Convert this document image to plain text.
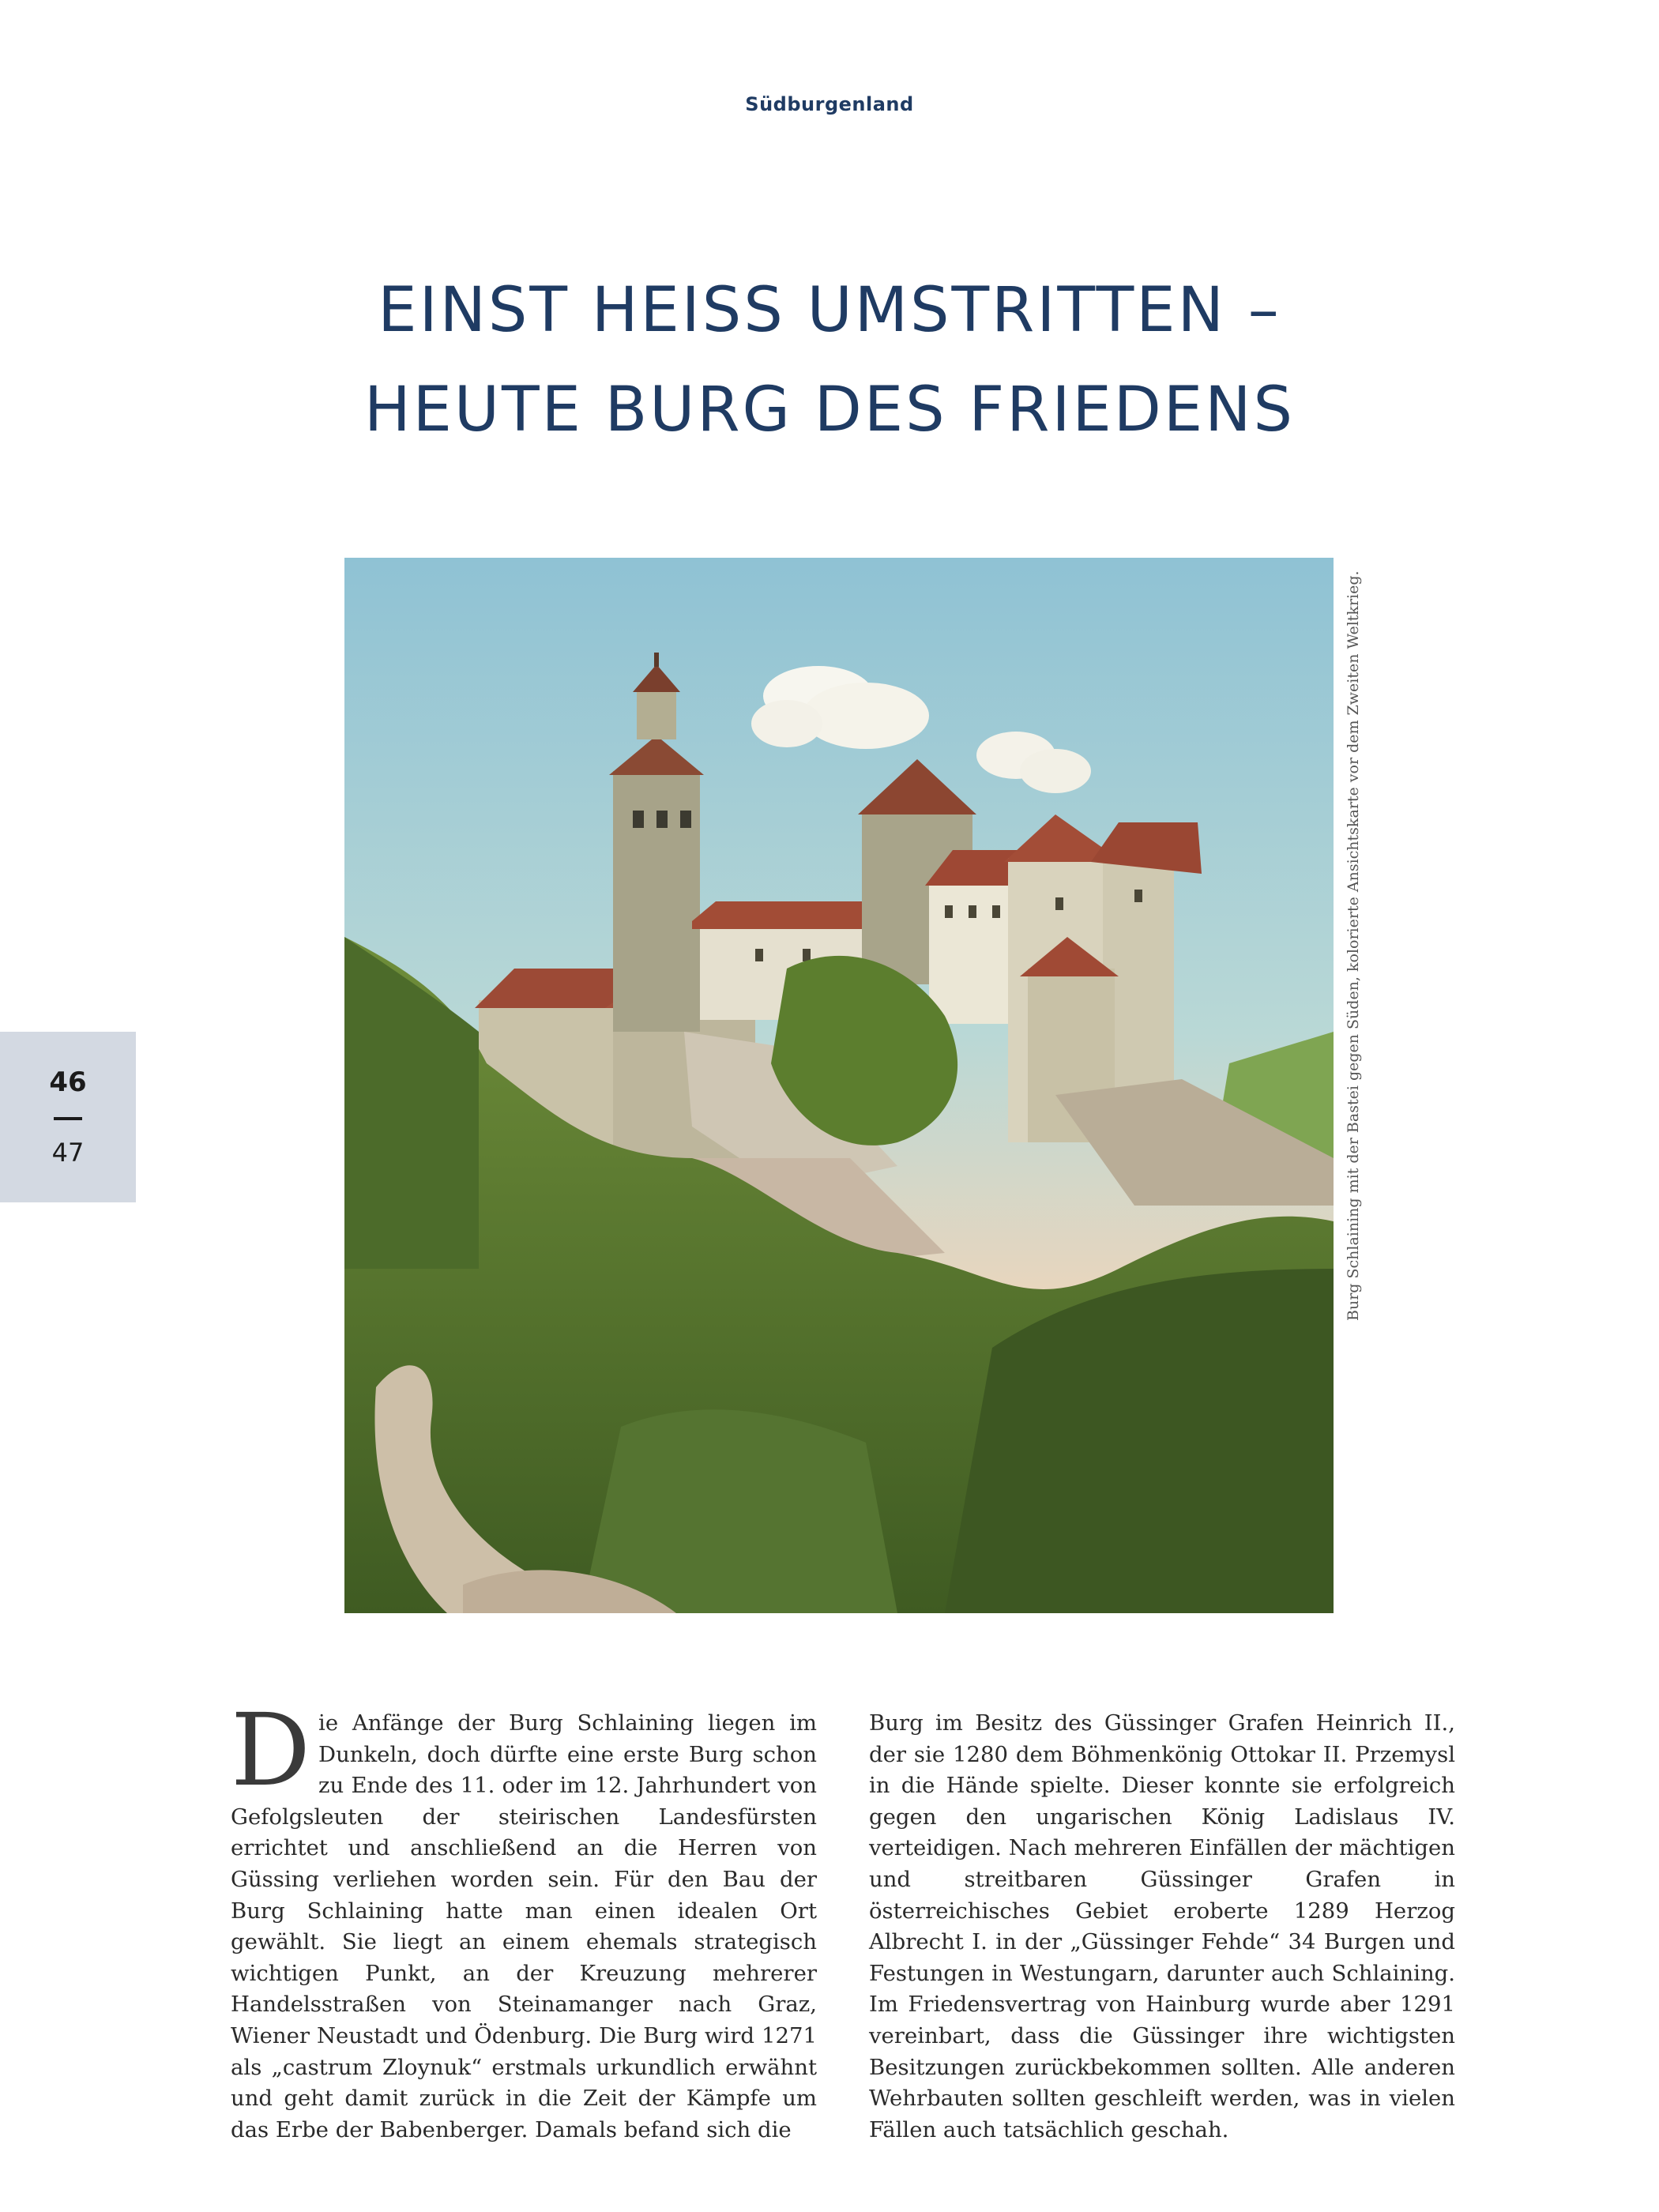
Südburgenland
EINST HEISS UMSTRITTEN –
HEUTE BURG DES FRIEDENS
Burg Schlaining mit der Bastei gegen Süden, kolorierte Ansichtskarte vor dem Zweiten Weltkrieg.
46
47
D ie Anfänge der Burg Schlaining liegen im Dunkeln, doch dürfte eine erste Burg schon zu Ende des 11. oder im 12. Jahrhundert von Gefolgsleuten der steirischen Landesfürsten errichtet und anschließend an die Herren von Güssing verliehen worden sein. Für den Bau der Burg Schlaining hatte man einen idealen Ort gewählt. Sie liegt an einem ehemals strategisch wichtigen Punkt, an der Kreuzung mehrerer Handelsstraßen von Steinamanger nach Graz, Wiener Neustadt und Ödenburg. Die Burg wird 1271 als „castrum Zloynuk“ erstmals urkundlich erwähnt und geht damit zurück in die Zeit der Kämpfe um das Erbe der Babenberger. Damals befand sich die
Burg im Besitz des Güssinger Grafen Heinrich II., der sie 1280 dem Böhmenkönig Ottokar II. Przemysl in die Hände spielte. Dieser konnte sie erfolgreich gegen den ungarischen König Ladislaus IV. verteidigen. Nach mehreren Einfällen der mächtigen und streitbaren Güssinger Grafen in österreichisches Gebiet eroberte 1289 Herzog Albrecht I. in der „Güssinger Fehde“ 34 Burgen und Festungen in Westungarn, darunter auch Schlaining. Im Friedensvertrag von Hainburg wurde aber 1291 vereinbart, dass die Güssinger ihre wichtigsten Besitzungen zurückbekommen sollten. Alle anderen Wehrbauten sollten geschleift werden, was in vielen Fällen auch tatsächlich geschah.
